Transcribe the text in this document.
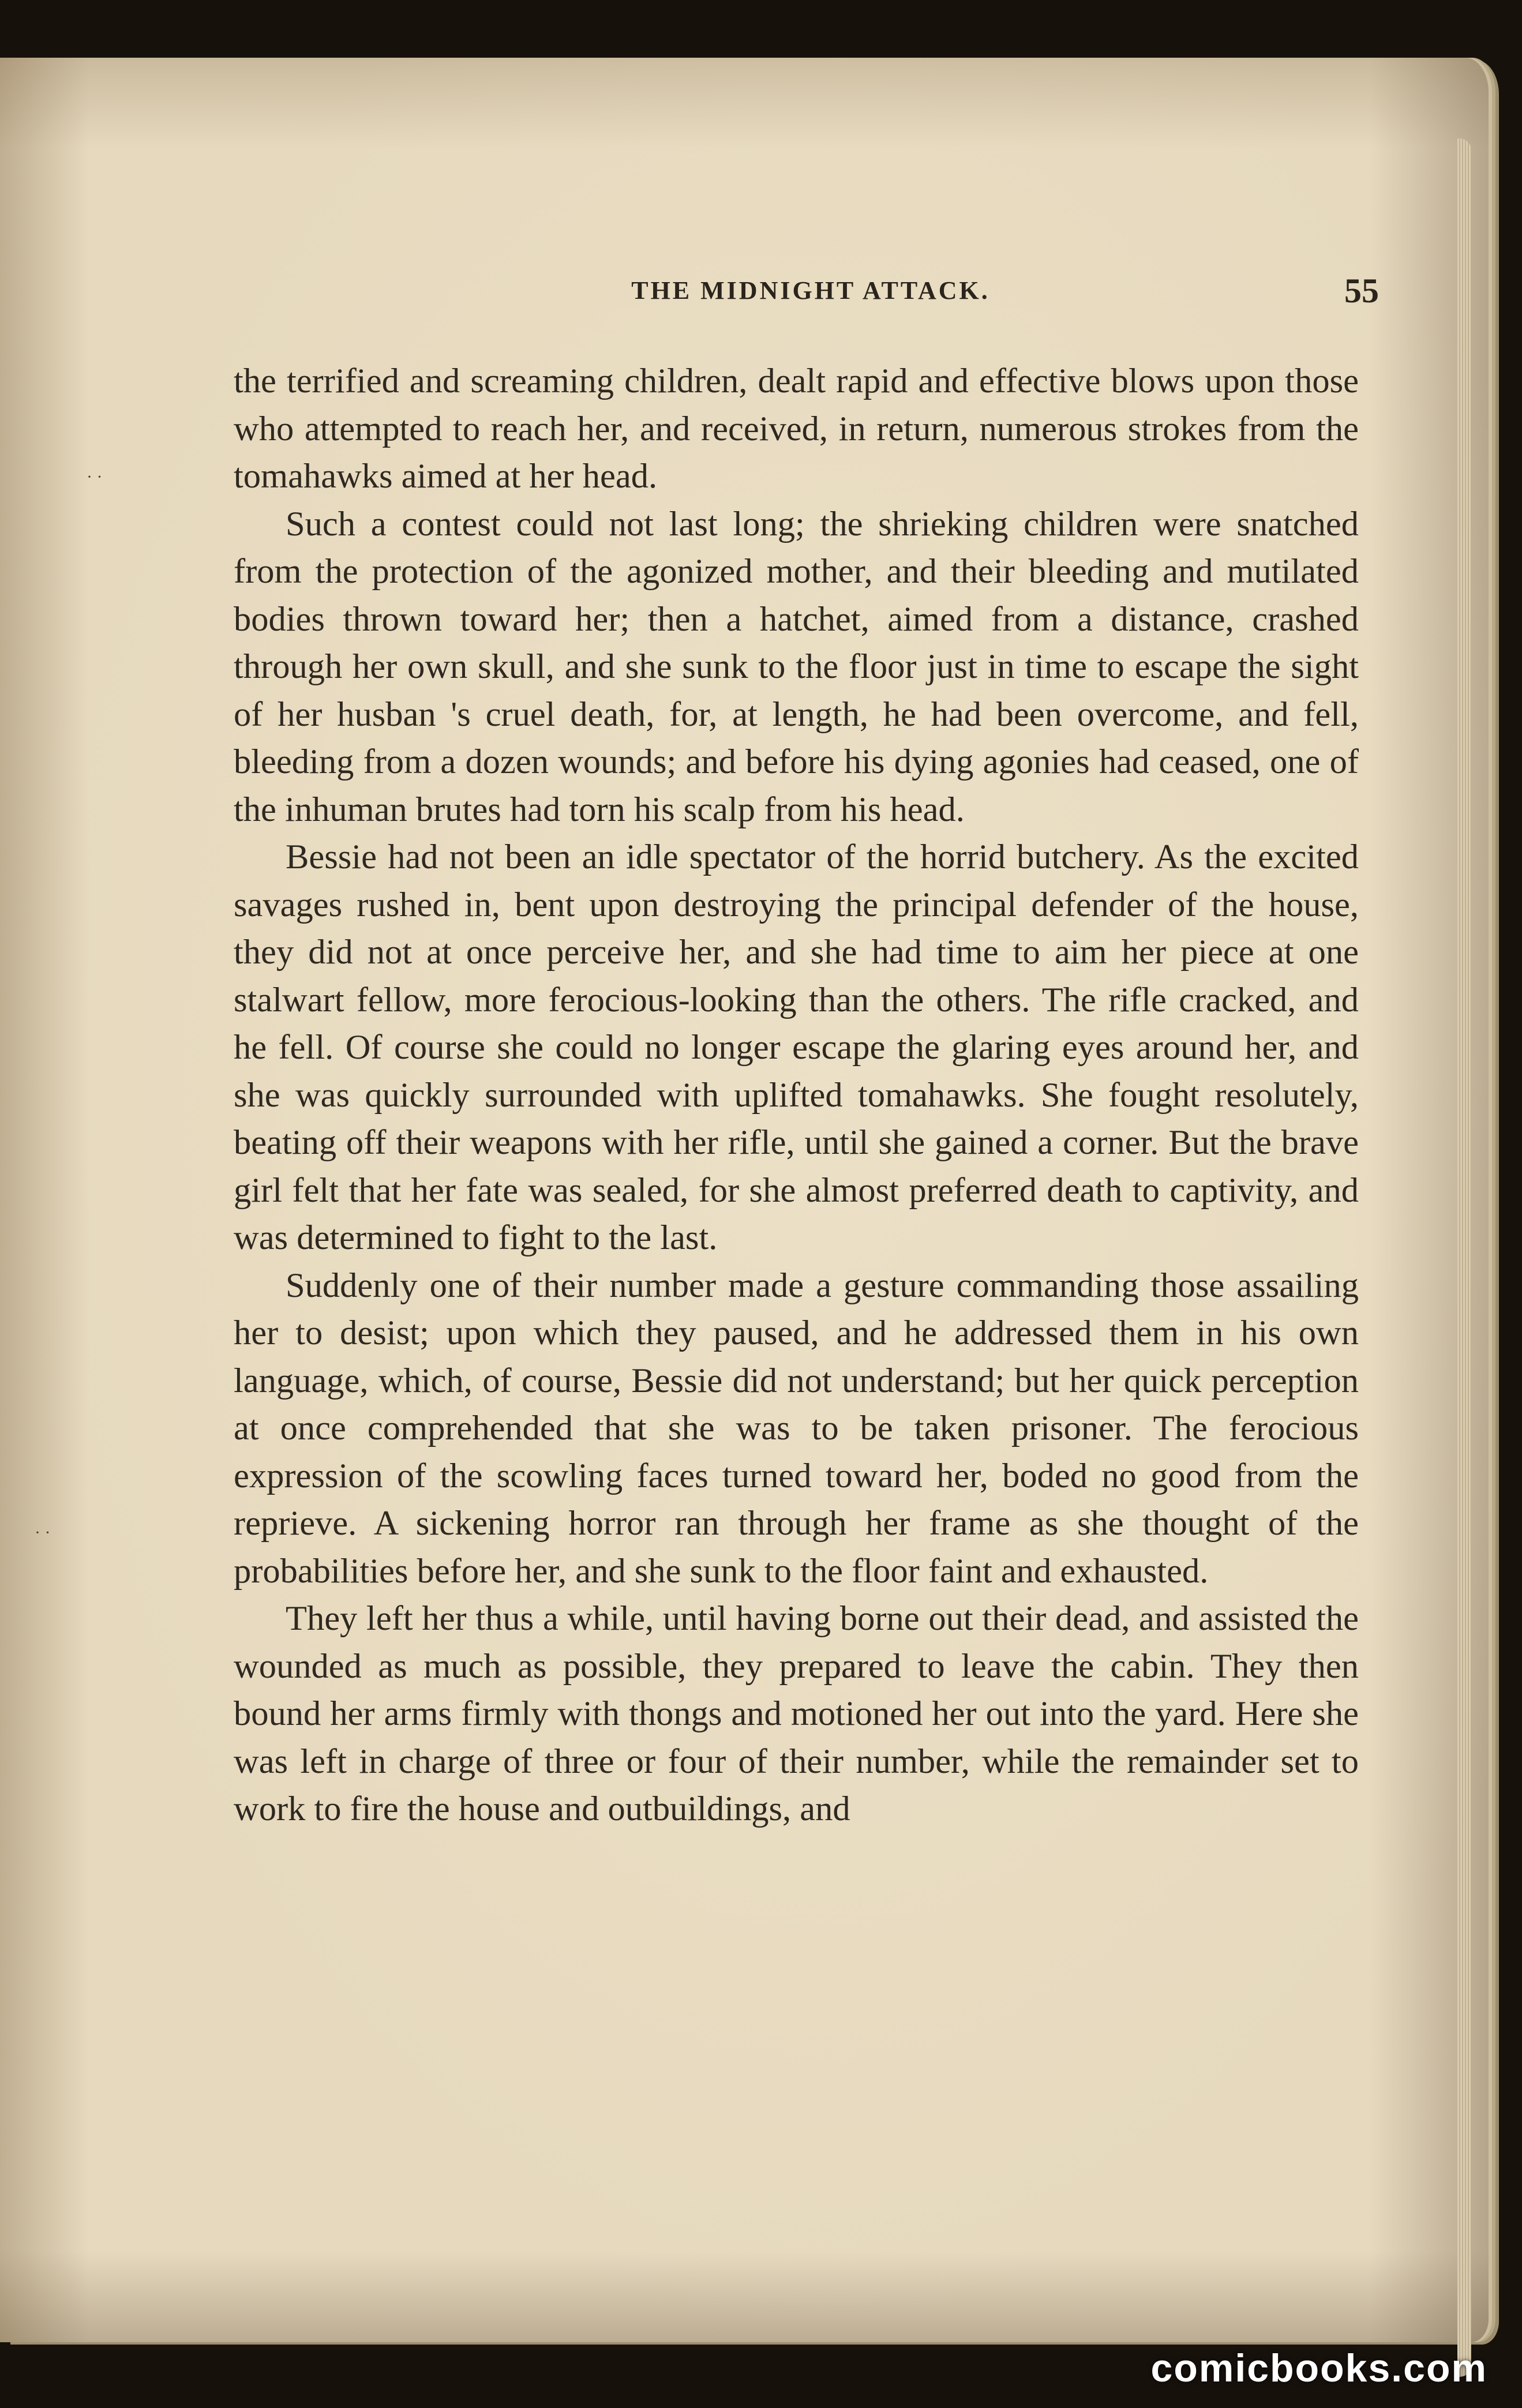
THE MIDNIGHT ATTACK.	55

the terrified and screaming children, dealt rapid and effective blows upon those who attempted to reach her, and received, in return, numerous strokes from the tomahawks aimed at her head.

Such a contest could not last long; the shrieking children were snatched from the protection of the agonized mother, and their bleeding and mutilated bodies thrown toward her; then a hatchet, aimed from a distance, crashed through her own skull, and she sunk to the floor just in time to escape the sight of her husban 's cruel death, for, at length, he had been overcome, and fell, bleeding from a dozen wounds; and before his dying agonies had ceased, one of the inhuman brutes had torn his scalp from his head.

Bessie had not been an idle spectator of the horrid butchery. As the excited savages rushed in, bent upon destroying the principal defender of the house, they did not at once perceive her, and she had time to aim her piece at one stalwart fellow, more ferocious-looking than the others. The rifle cracked, and he fell. Of course she could no longer escape the glaring eyes around her, and she was quickly surrounded with uplifted tomahawks. She fought resolutely, beating off their weapons with her rifle, until she gained a corner. But the brave girl felt that her fate was sealed, for she almost preferred death to captivity, and was determined to fight to the last.

Suddenly one of their number made a gesture commanding those assailing her to desist; upon which they paused, and he addressed them in his own language, which, of course, Bessie did not understand; but her quick perception at once comprehended that she was to be taken prisoner. The ferocious expression of the scowling faces turned toward her, boded no good from the reprieve. A sickening horror ran through her frame as she thought of the probabilities before her, and she sunk to the floor faint and exhausted.

They left her thus a while, until having borne out their dead, and assisted the wounded as much as possible, they prepared to leave the cabin. They then bound her arms firmly with thongs and motioned her out into the yard. Here she was left in charge of three or four of their number, while the remainder set to work to fire the house and outbuildings, and

· ·
· ·
comicbooks.com
